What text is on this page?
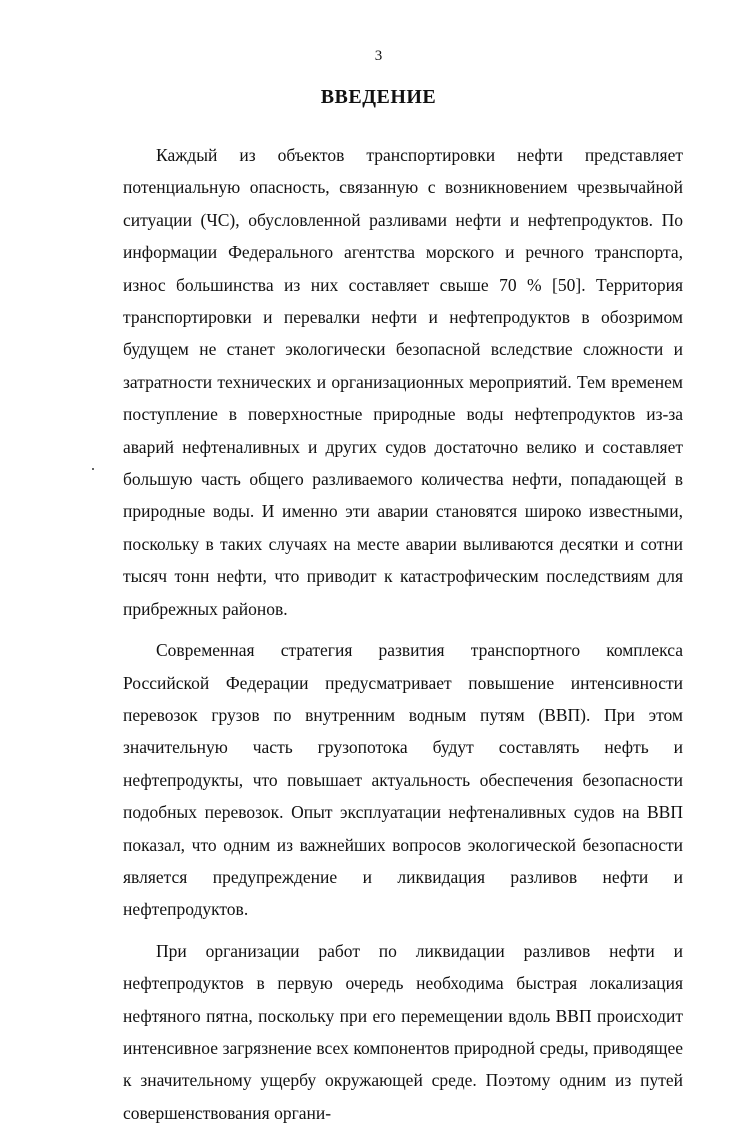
3
ВВЕДЕНИЕ

Каждый из объектов транспортировки нефти представляет потенциальную опасность, связанную с возникновением чрезвычайной ситуации (ЧС), обусловленной разливами нефти и нефтепродуктов. По информации Федерального агентства морского и речного транспорта, износ большинства из них составляет свыше 70 % [50]. Территория транспортировки и перевалки нефти и нефтепродуктов в обозримом будущем не станет экологически безопасной вследствие сложности и затратности технических и организационных мероприятий. Тем временем поступление в поверхностные природные воды нефтепродуктов из-за аварий нефтеналивных и других судов достаточно велико и составляет большую часть общего разливаемого количества нефти, попадающей в природные воды. И именно эти аварии становятся широко известными, поскольку в таких случаях на месте аварии выливаются десятки и сотни тысяч тонн нефти, что приводит к катастрофическим последствиям для прибрежных районов.

Современная стратегия развития транспортного комплекса Российской Федерации предусматривает повышение интенсивности перевозок грузов по внутренним водным путям (ВВП). При этом значительную часть грузопотока будут составлять нефть и нефтепродукты, что повышает актуальность обеспечения безопасности подобных перевозок. Опыт эксплуатации нефтеналивных судов на ВВП показал, что одним из важнейших вопросов экологической безопасности является предупреждение и ликвидация разливов нефти и нефтепродуктов.

При организации работ по ликвидации разливов нефти и нефтепродуктов в первую очередь необходима быстрая локализация нефтяного пятна, поскольку при его перемещении вдоль ВВП происходит интенсивное загрязнение всех компонентов природной среды, приводящее к значительному ущербу окружающей среде. Поэтому одним из путей совершенствования органи-
